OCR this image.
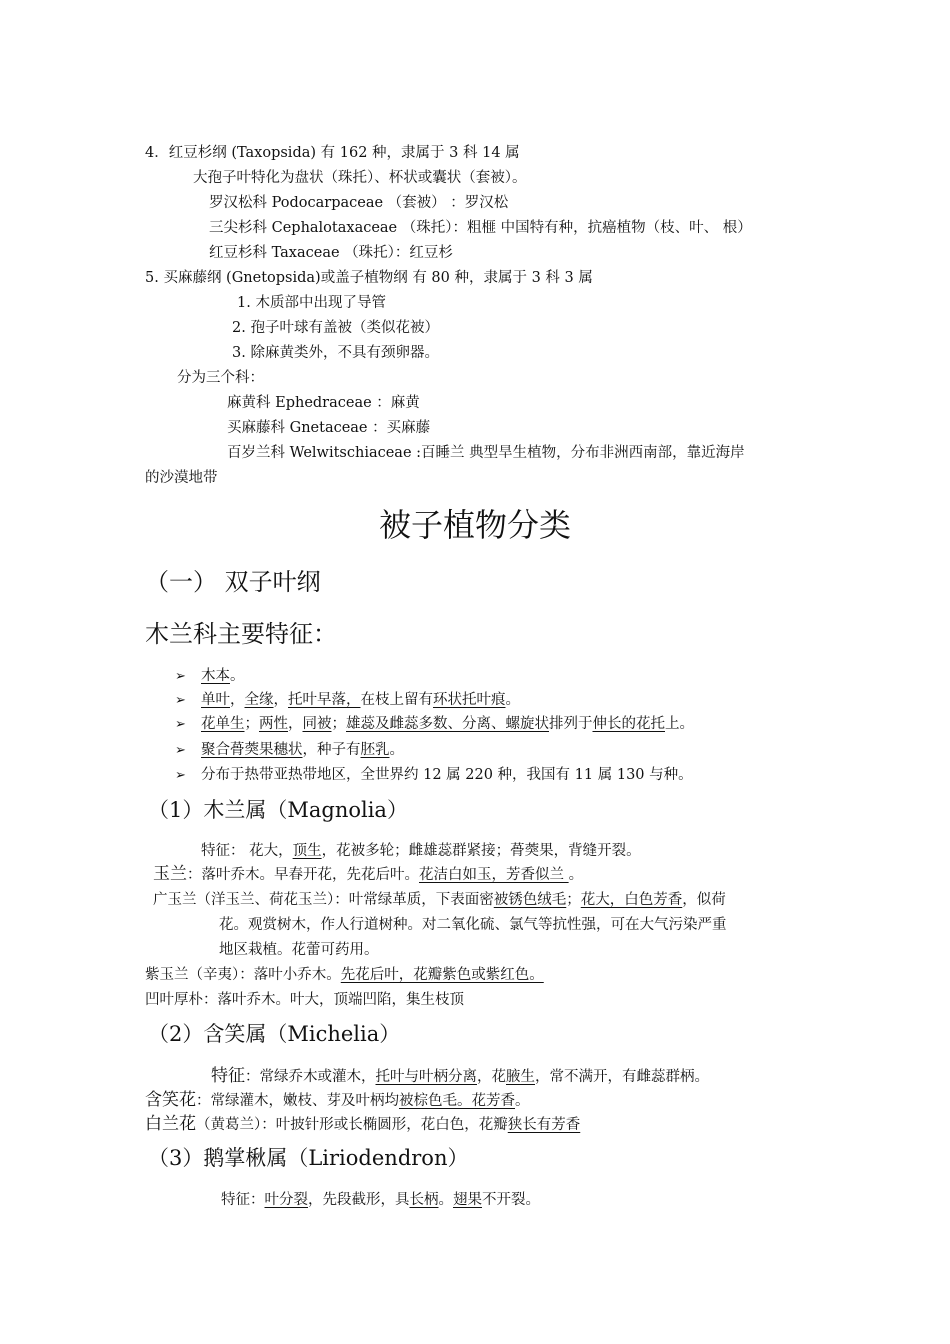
4．红豆杉纲 (Taxopsida) 有 162 种，隶属于 3 科 14 属
大孢子叶特化为盘状（珠托）、杯状或囊状（套被）。
罗汉松科 Podocarpaceae （套被） ：罗汉松
三尖杉科 Cephalotaxaceae （珠托）：粗榧 中国特有种，抗癌植物（枝、叶、 根）
红豆杉科 Taxaceae （珠托）：红豆杉
5. 买麻藤纲 (Gnetopsida)或盖子植物纲 有 80 种，隶属于 3 科 3 属
1. 木质部中出现了导管
2. 孢子叶球有盖被（类似花被）
3. 除麻黄类外，不具有颈卵器。
分为三个科：
麻黄科 Ephedraceae ：麻黄
买麻藤科 Gnetaceae ：买麻藤
百岁兰科 Welwitschiaceae :百睡兰 典型旱生植物，分布非洲西南部，靠近海岸
的沙漠地带
被子植物分类
（一） 双子叶纲
木兰科主要特征：
➢ 木本。
➢ 单叶，全缘，托叶早落，在枝上留有环状托叶痕。
➢ 花单生；两性，同被；雄蕊及雌蕊多数、分离、螺旋状排列于伸长的花托上。
➢ 聚合蓇葖果穗状，种子有胚乳。
➢ 分布于热带亚热带地区，全世界约 12 属 220 种，我国有 11 属 130 与种。
（1）木兰属（Magnolia）
特征： 花大，顶生，花被多轮；雌雄蕊群紧接；蓇葖果，背缝开裂。
玉兰：落叶乔木。早春开花，先花后叶。花洁白如玉，芳香似兰 。
广玉兰（洋玉兰、荷花玉兰）：叶常绿革质，下表面密被锈色绒毛；花大，白色芳香，似荷
花。观赏树木，作人行道树种。对二氧化硫、氯气等抗性强，可在大气污染严重
地区栽植。花蕾可药用。
紫玉兰（辛夷）：落叶小乔木。先花后叶，花瓣紫色或紫红色。
凹叶厚朴：落叶乔木。叶大，顶端凹陷，集生枝顶
（2）含笑属（Michelia）
特征：常绿乔木或灌木，托叶与叶柄分离，花腋生，常不满开，有雌蕊群柄。
含笑花：常绿灌木，嫩枝、芽及叶柄均被棕色毛。花芳香。
白兰花（黄葛兰）：叶披针形或长椭圆形，花白色，花瓣狭长有芳香
（3）鹅掌楸属（Liriodendron）
特征：叶分裂，先段截形，具长柄。翅果不开裂。
